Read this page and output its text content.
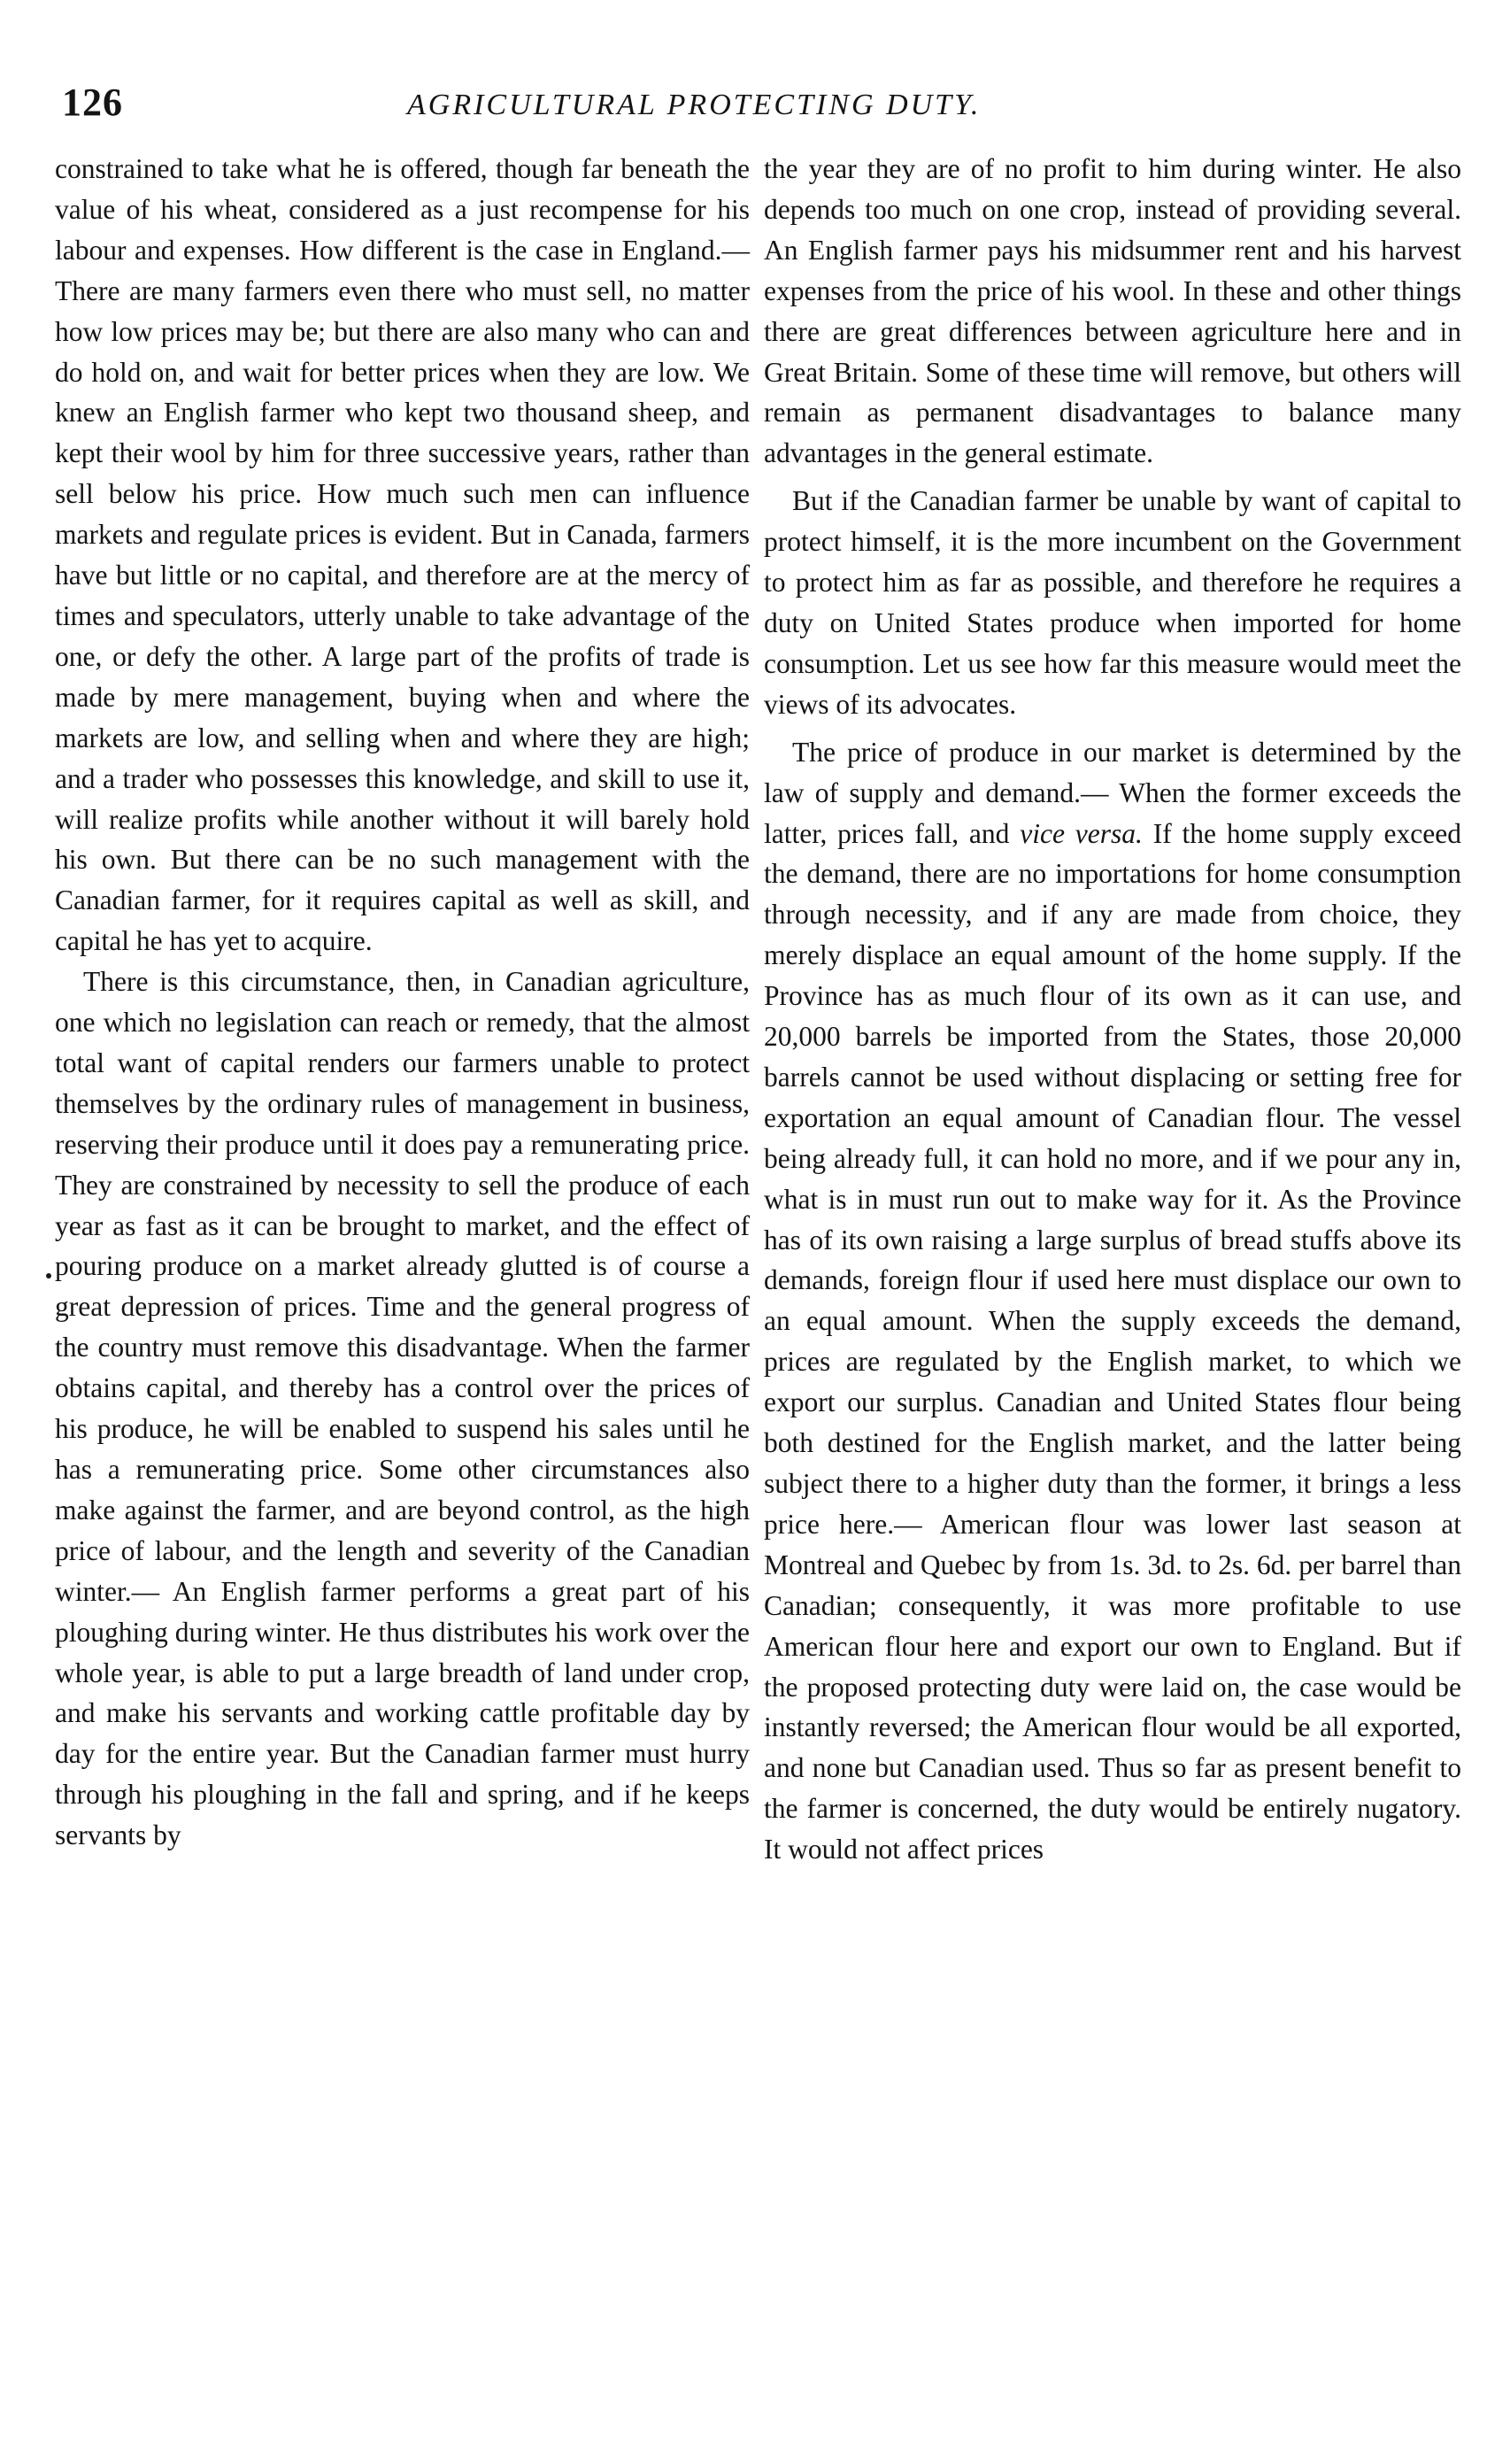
126	AGRICULTURAL PROTECTING DUTY.

constrained to take what he is offered, though far beneath the value of his wheat, considered as a just recompense for his labour and expenses. How different is the case in England.— There are many farmers even there who must sell, no matter how low prices may be; but there are also many who can and do hold on, and wait for better prices when they are low. We knew an English farmer who kept two thousand sheep, and kept their wool by him for three successive years, rather than sell below his price. How much such men can influence markets and regulate prices is evident. But in Canada, farmers have but little or no capital, and therefore are at the mercy of times and speculators, utterly unable to take advantage of the one, or defy the other. A large part of the profits of trade is made by mere management, buying when and where the markets are low, and selling when and where they are high; and a trader who possesses this knowledge, and skill to use it, will realize profits while another without it will barely hold his own. But there can be no such management with the Canadian farmer, for it requires capital as well as skill, and capital he has yet to acquire.

There is this circumstance, then, in Canadian agriculture, one which no legislation can reach or remedy, that the almost total want of capital renders our farmers unable to protect themselves by the ordinary rules of management in business, reserving their produce until it does pay a remunerating price. They are constrained by necessity to sell the produce of each year as fast as it can be brought to market, and the effect of pouring produce on a market already glutted is of course a great depression of prices. Time and the general progress of the country must remove this disadvantage. When the farmer obtains capital, and thereby has a control over the prices of his produce, he will be enabled to suspend his sales until he has a remunerating price. Some other circumstances also make against the farmer, and are beyond control, as the high price of labour, and the length and severity of the Canadian winter.— An English farmer performs a great part of his ploughing during winter. He thus distributes his work over the whole year, is able to put a large breadth of land under crop, and make his servants and working cattle profitable day by day for the entire year. But the Canadian farmer must hurry through his ploughing in the fall and spring, and if he keeps servants by

the year they are of no profit to him during winter. He also depends too much on one crop, instead of providing several. An English farmer pays his midsummer rent and his harvest expenses from the price of his wool. In these and other things there are great differences between agriculture here and in Great Britain. Some of these time will remove, but others will remain as permanent disadvantages to balance many advantages in the general estimate.

But if the Canadian farmer be unable by want of capital to protect himself, it is the more incumbent on the Government to protect him as far as possible, and therefore he requires a duty on United States produce when imported for home consumption. Let us see how far this measure would meet the views of its advocates.

The price of produce in our market is determined by the law of supply and demand.— When the former exceeds the latter, prices fall, and vice versa. If the home supply exceed the demand, there are no importations for home consumption through necessity, and if any are made from choice, they merely displace an equal amount of the home supply. If the Province has as much flour of its own as it can use, and 20,000 barrels be imported from the States, those 20,000 barrels cannot be used without displacing or setting free for exportation an equal amount of Canadian flour. The vessel being already full, it can hold no more, and if we pour any in, what is in must run out to make way for it. As the Province has of its own raising a large surplus of bread stuffs above its demands, foreign flour if used here must displace our own to an equal amount. When the supply exceeds the demand, prices are regulated by the English market, to which we export our surplus. Canadian and United States flour being both destined for the English market, and the latter being subject there to a higher duty than the former, it brings a less price here.— American flour was lower last season at Montreal and Quebec by from 1s. 3d. to 2s. 6d. per barrel than Canadian; consequently, it was more profitable to use American flour here and export our own to England. But if the proposed protecting duty were laid on, the case would be instantly reversed; the American flour would be all exported, and none but Canadian used. Thus so far as present benefit to the farmer is concerned, the duty would be entirely nugatory. It would not affect prices
